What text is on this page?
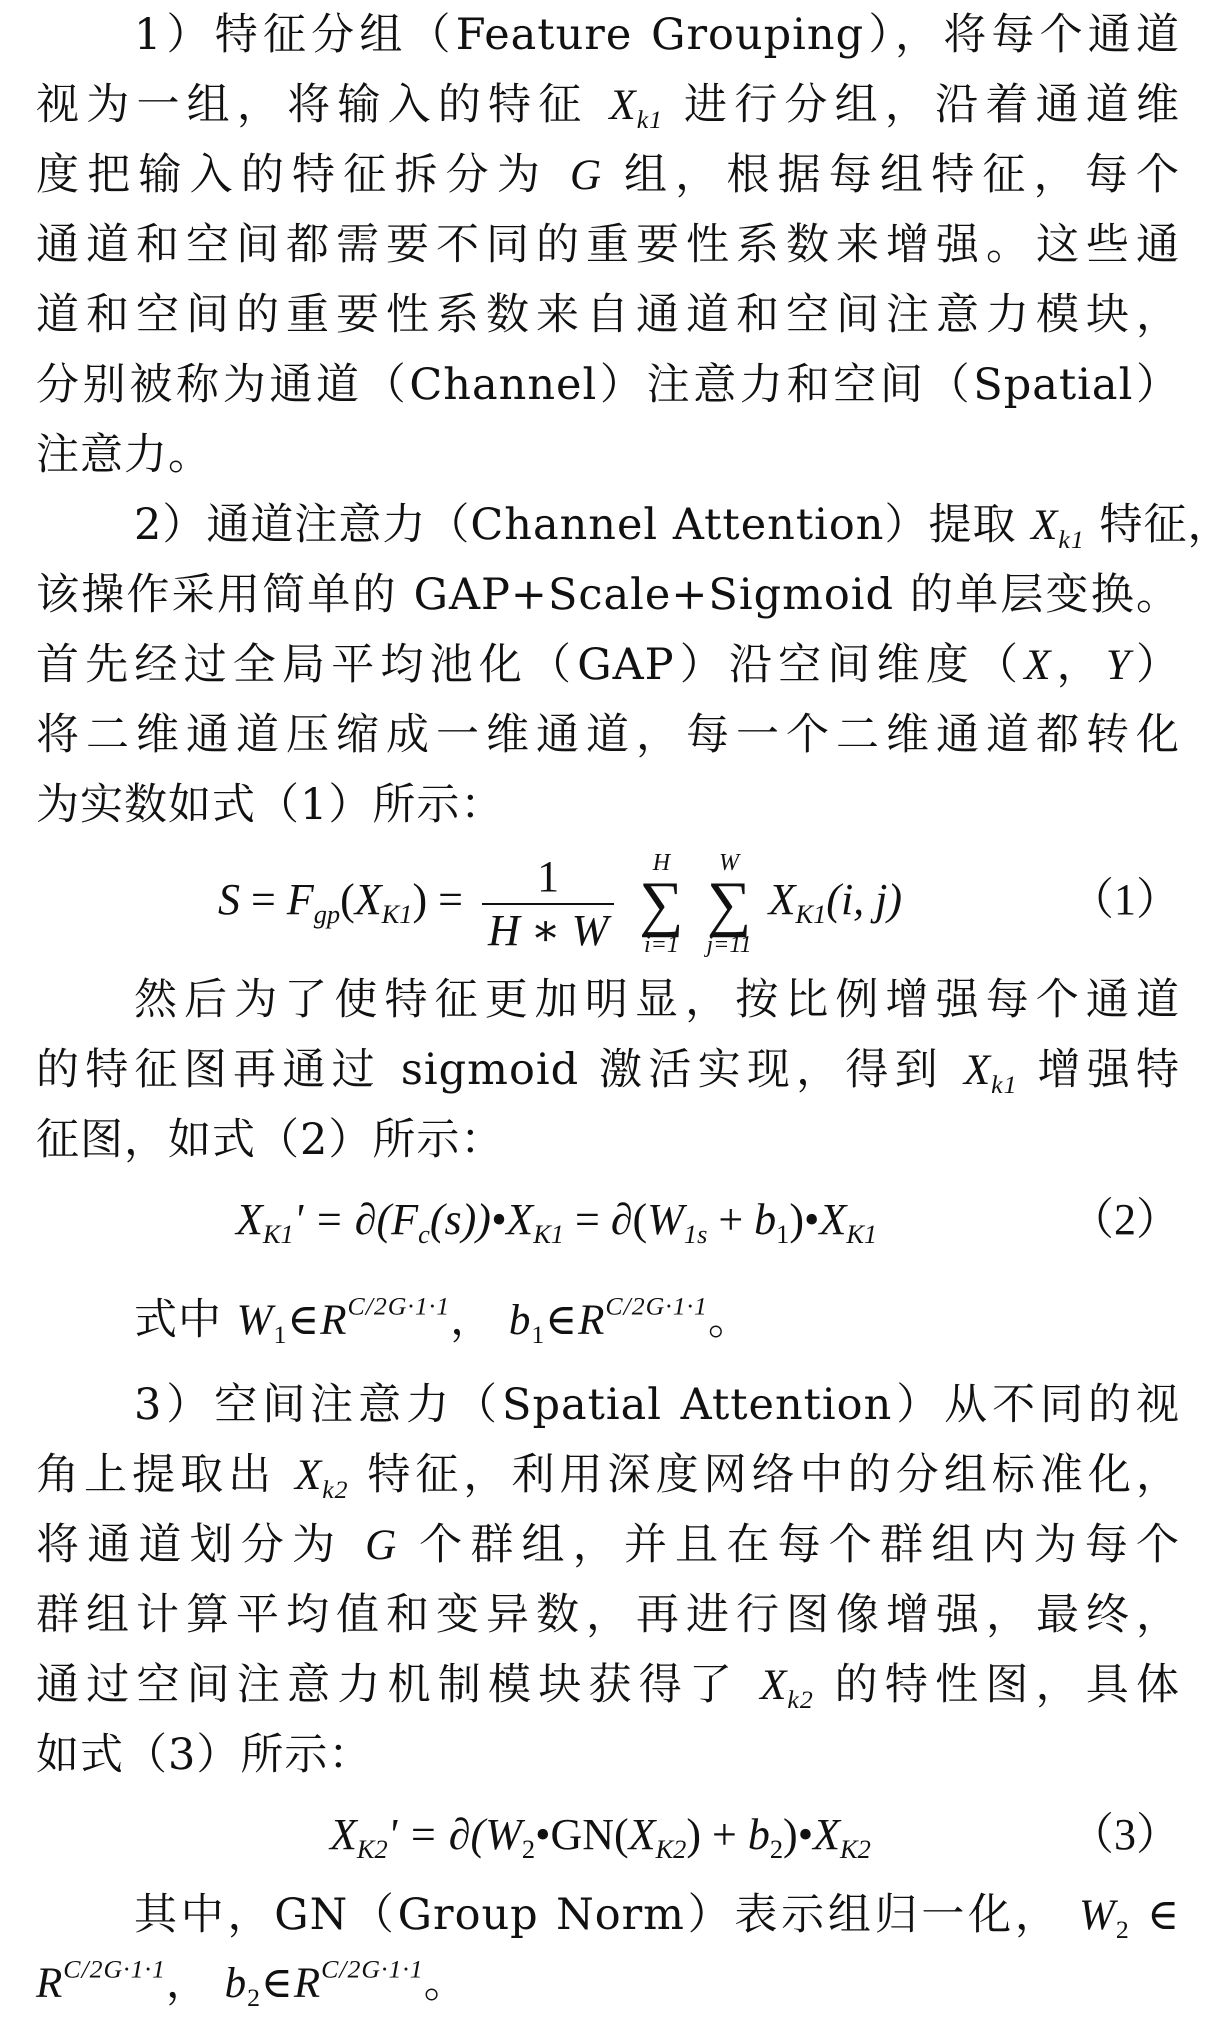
1）特征分组（Feature Grouping），将每个通道
视为一组，将输入的特征 $X_{k1}$ 进行分组，沿着通道维
度把输入的特征拆分为 G 组，根据每组特征，每个
通道和空间都需要不同的重要性系数来增强。这些通
道和空间的重要性系数来自通道和空间注意力模块，
分别被称为通道（Channel）注意力和空间（Spatial）
注意力。
2）通道注意力（Channel Attention）提取 $X_{k1}$ 特征，
该操作采用简单的 GAP+Scale+Sigmoid 的单层变换。
首先经过全局平均池化（GAP）沿空间维度（X，Y）
将二维通道压缩成一维通道，每一个二维通道都转化
为实数如式（1）所示：
$S = F_{gp}(X_{K1}) = \frac{1}{H ∗ W}$
	H
∑
i=1

W
∑
j=11
$X_{K1}(i$, j)	（1）
然后为了使特征更加明显，按比例增强每个通道
的特征图再通过 sigmoid 激活实现，得到 $X_{k1}$ 增强特
征图，如式（2）所示：
$X_{K1}'$ = $\partial(F_c(s))•X_{K1} = \partial(W_{1s}$ + $b_1)•X_{K1}$	（2）
式中 $W_1\in R^{C/2G\cdot 1\cdot 1}$， $b_1\in R^{C/2G\cdot 1\cdot 1}$。
3）空间注意力（Spatial Attention）从不同的视
角上提取出 $X_{k2}$ 特征，利用深度网络中的分组标准化，
将通道划分为 G 个群组，并且在每个群组内为每个
群组计算平均值和变异数，再进行图像增强，最终，
通过空间注意力机制模块获得了 $X_{k2}$ 的特性图，具体
如式（3）所示：
$X_{K2}'$ = $\partial(W_2•GN(X_{K2})$ + $b_2)•X_{K2}$	（3）
其中，GN（Group Norm）表示组归一化， $W_2$ ∈
$R^{C/2G\cdot 1\cdot 1}$， $b_2\in R^{C/2G\cdot 1\cdot 1}$。
